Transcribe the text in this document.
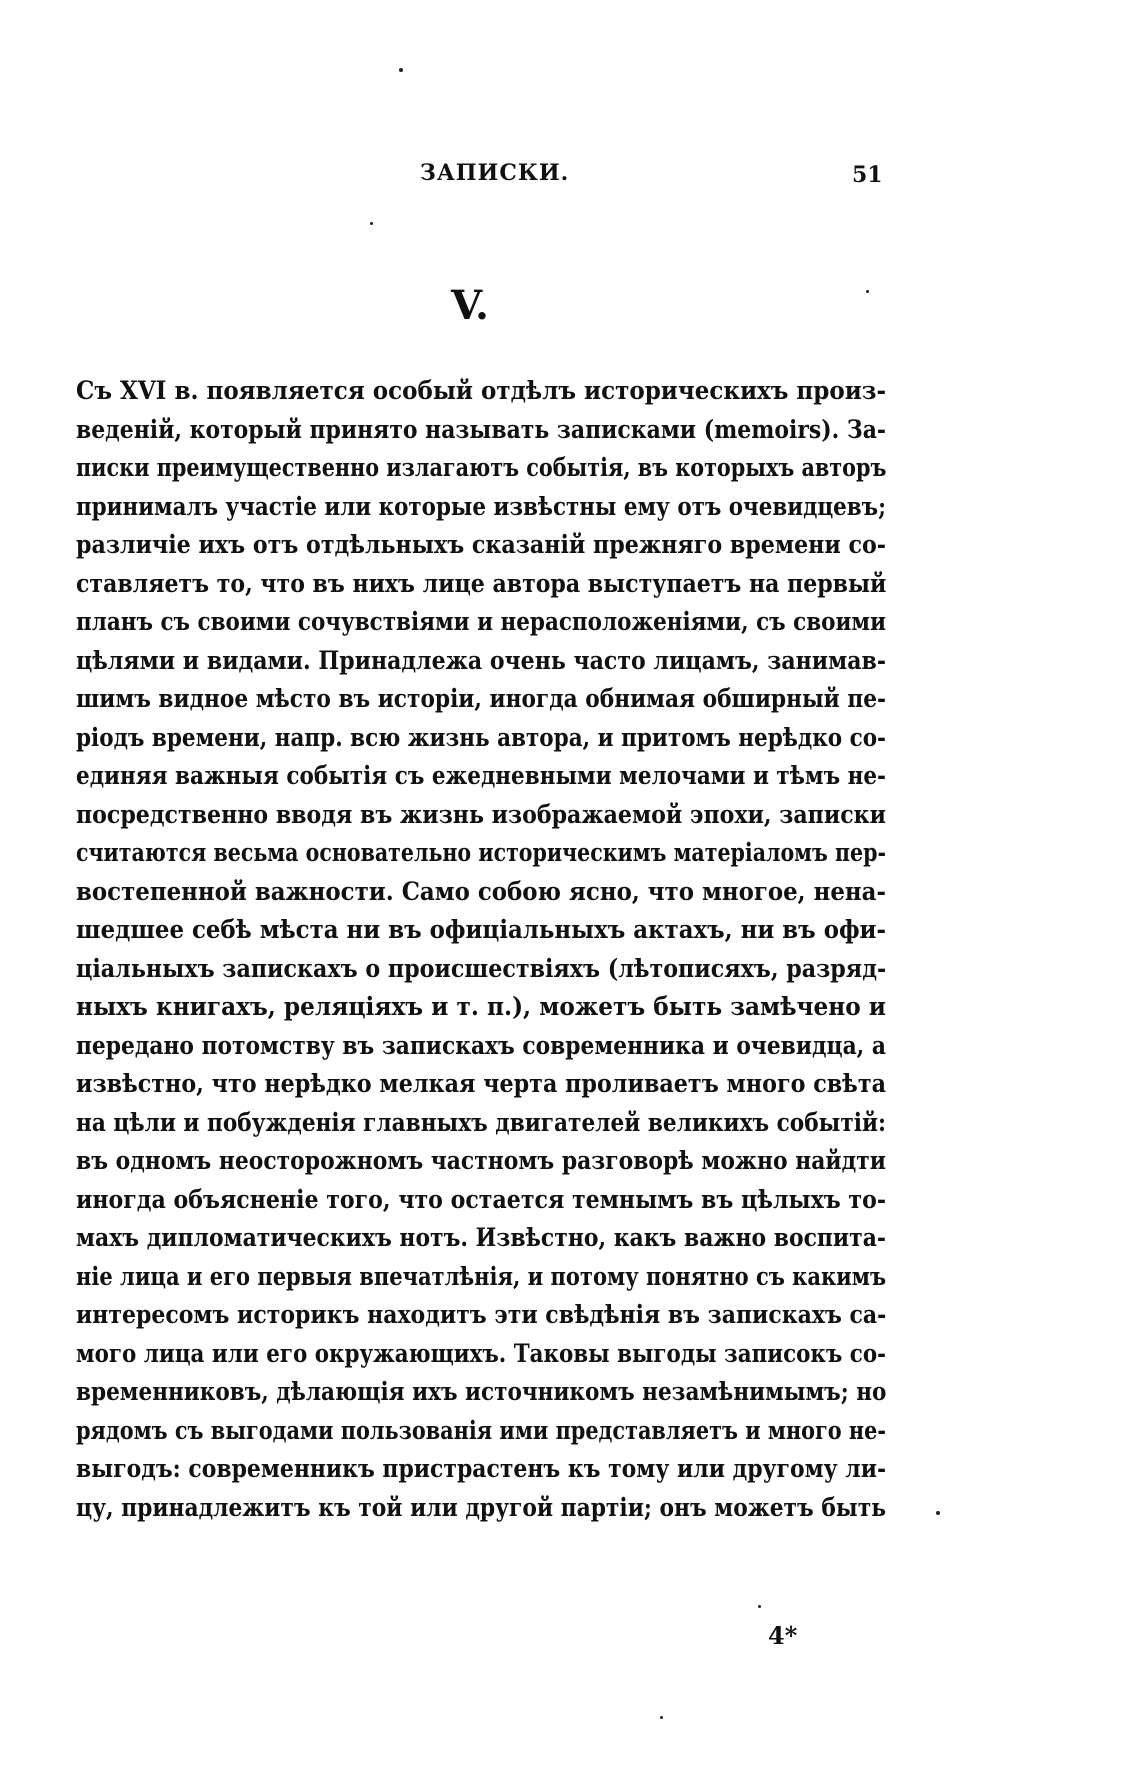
ЗАПИСКИ.	51
V.
Съ XVI в. появляется особый отдѣлъ историческихъ произ-
веденій, который принято называть записками (memoirs). За-
писки преимущественно излагаютъ событія, въ которыхъ авторъ
принималъ участіе или которые извѣстны ему отъ очевидцевъ;
различіе ихъ отъ отдѣльныхъ сказаній прежняго времени со-
ставляетъ то, что въ нихъ лице автора выступаетъ на первый
планъ съ своими сочувствіями и нерасположеніями, съ своими
цѣлями и видами. Принадлежа очень часто лицамъ, занимав-
шимъ видное мѣсто въ исторіи, иногда обнимая обширный пе-
ріодъ времени, напр. всю жизнь автора, и притомъ нерѣдко со-
единяя важныя событія съ ежедневными мелочами и тѣмъ не-
посредственно вводя въ жизнь изображаемой эпохи, записки
считаются весьма основательно историческимъ матеріаломъ пер-
востепенной важности. Само собою ясно, что многое, нена-
шедшее себѣ мѣста ни въ офиціальныхъ актахъ, ни въ офи-
ціальныхъ запискахъ о происшествіяхъ (лѣтописяхъ, разряд-
ныхъ книгахъ, реляціяхъ и т. п.), можетъ быть замѣчено и
передано потомству въ запискахъ современника и очевидца, а
извѣстно, что нерѣдко мелкая черта проливаетъ много свѣта
на цѣли и побужденія главныхъ двигателей великихъ событій:
въ одномъ неосторожномъ частномъ разговорѣ можно найдти
иногда объясненіе того, что остается темнымъ въ цѣлыхъ то-
махъ дипломатическихъ нотъ. Извѣстно, какъ важно воспита-
ніе лица и его первыя впечатлѣнія, и потому понятно съ какимъ
интересомъ историкъ находитъ эти свѣдѣнія въ запискахъ са-
мого лица или его окружающихъ. Таковы выгоды записокъ со-
временниковъ, дѣлающія ихъ источникомъ незамѣнимымъ; но
рядомъ съ выгодами пользованія ими представляетъ и много не-
выгодъ: современникъ пристрастенъ къ тому или другому ли-
цу, принадлежитъ къ той или другой партіи; онъ можетъ быть
4*
